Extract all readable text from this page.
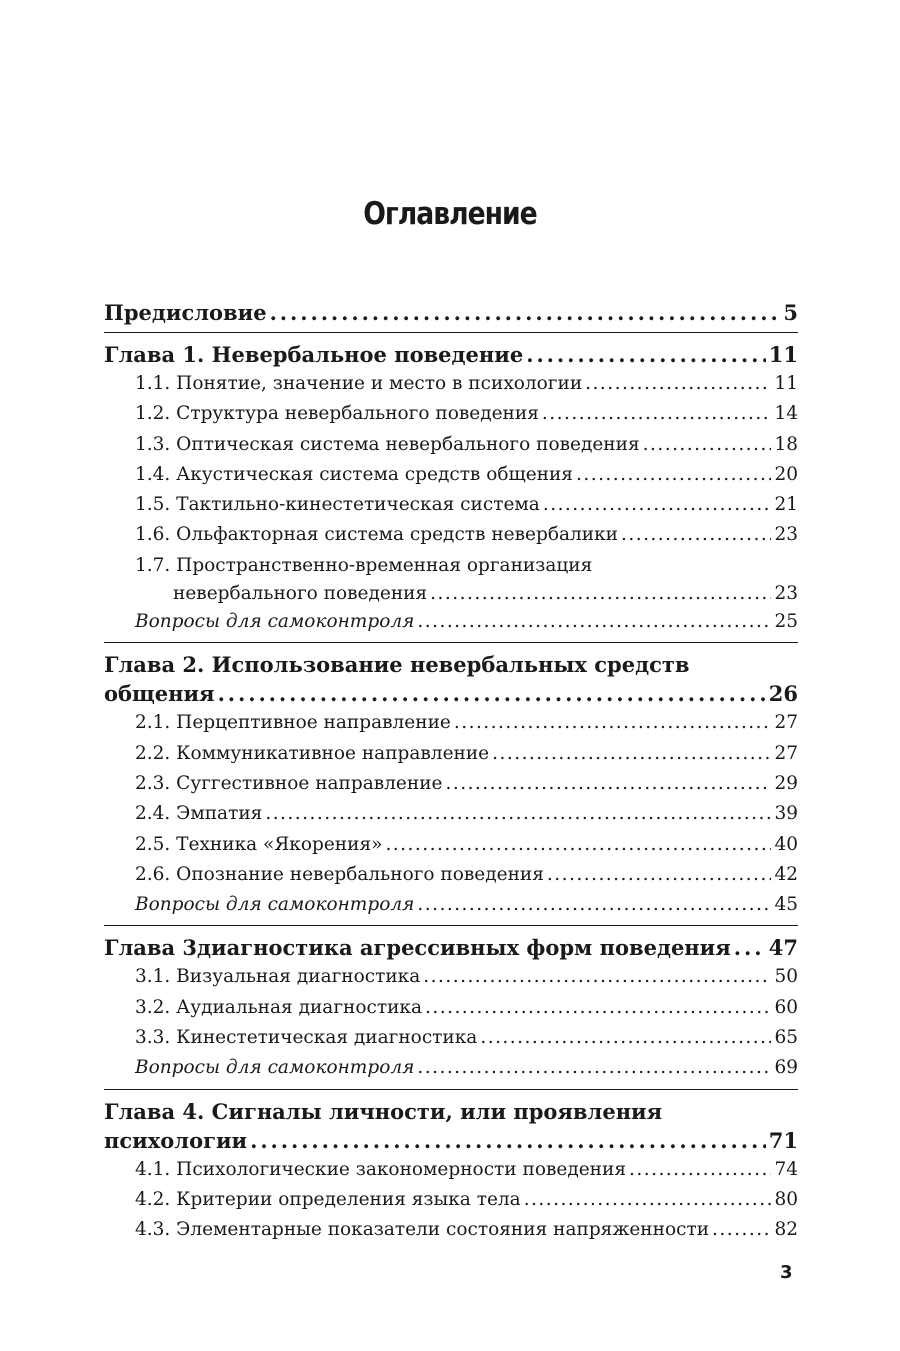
Оглавление
Предисловие . . .	5
Глава 1. Невербальное поведение . . .	11
1.1. Понятие, значение и место в психологии . . .	11
1.2. Структура невербального поведения . . .	14
1.3. Оптическая система невербального поведения . . .	18
1.4. Акустическая система средств общения . . .	20
1.5. Тактильно-кинестетическая система . . .	21
1.6. Ольфакторная система средств невербалики . . .	23
1.7. Пространственно-временная организация
невербального поведения . . .	23
Вопросы для самоконтроля . . .	25
Глава 2. Использование невербальных средств
общения . . .	26
2.1. Перцептивное направление . . .	27
2.2. Коммуникативное направление . . .	27
2.3. Суггестивное направление . . .	29
2.4. Эмпатия . . .	39
2.5. Техника «Якорения» . . .	40
2.6. Опознание невербального поведения . . .	42
Вопросы для самоконтроля . . .	45
Глава 3диагностика агрессивных форм поведения . . . 47
3.1. Визуальная диагностика . . .	50
3.2. Аудиальная диагностика . . .	60
3.3. Кинестетическая диагностика . . .	65
Вопросы для самоконтроля . . .	69
Глава 4. Сигналы личности, или проявления
психологии . . .	71
4.1. Психологические закономерности поведения . . .	74
4.2. Критерии определения языка тела . . .	80
4.3. Элементарные показатели состояния напряженности . . .	82
3
